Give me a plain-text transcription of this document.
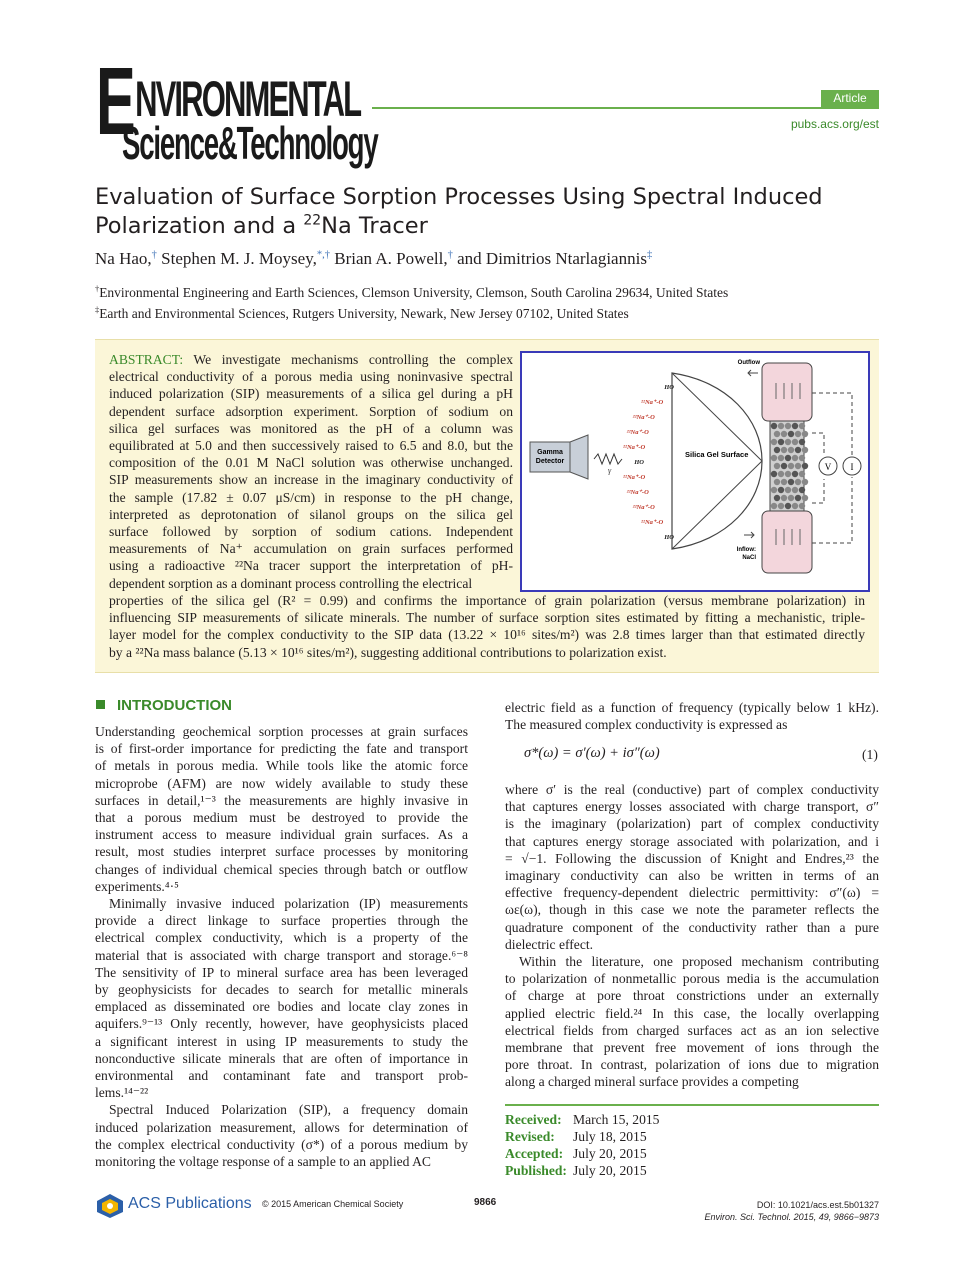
ENVIRONMENTAL
Science&Technology
Article
pubs.acs.org/est
Evaluation of Surface Sorption Processes Using Spectral Induced
Polarization and a $^{22}$Na Tracer
Na Hao,† Stephen M. J. Moysey,*,† Brian A. Powell,† and Dimitrios Ntarlagiannis‡
†Environmental Engineering and Earth Sciences, Clemson University, Clemson, South Carolina 29634, United States
‡Earth and Environmental Sciences, Rutgers University, Newark, New Jersey 07102, United States
ABSTRACT: We investigate mechanisms controlling the complex
electrical conductivity of a porous media using noninvasive spectral
induced polarization (SIP) measurements of a silica gel during a pH
dependent surface adsorption experiment. Sorption of sodium on
silica gel surfaces was monitored as the pH of a column was
equilibrated at 5.0 and then successively raised to 6.5 and 8.0, but the
composition of the 0.01 M NaCl solution was otherwise unchanged.
SIP measurements show an increase in the imaginary conductivity of
the sample (17.82 ± 0.07 μS/cm) in response to the pH change,
interpreted as deprotonation of silanol groups on the silica gel
surface followed by sorption of sodium cations. Independent
measurements of Na⁺ accumulation on grain surfaces performed
using a radioactive ²²Na tracer support the interpretation of pH-
dependent sorption as a dominant process controlling the electrical
properties of the silica gel (R² = 0.99) and confirms the importance of grain polarization (versus membrane polarization) in
influencing SIP measurements of silicate minerals. The number of surface sorption sites estimated by fitting a mechanistic, triple-
layer model for the complex conductivity to the SIP data (13.22 × 10¹⁶ sites/m²) was 2.8 times larger than that estimated directly
by a ²²Na mass balance (5.13 × 10¹⁶ sites/m²), suggesting additional contributions to polarization exist.
Gamma
Detector
γ
Silica Gel Surface
HO
²²Na⁺-O
²²Na⁺-O
²²Na⁺-O
²²Na⁺-O
HO
²²Na⁺-O
²²Na⁺-O
²²Na⁺-O
²²Na⁺-O
HO
Outflow
Inflow:
NaCl
V I
INTRODUCTION
Understanding geochemical sorption processes at grain surfaces
is of first-order importance for predicting the fate and transport
of metals in porous media. While tools like the atomic force
microprobe (AFM) are now widely available to study these
surfaces in detail,¹⁻³ the measurements are highly invasive in
that a porous medium must be destroyed to provide the
instrument access to measure individual grain surfaces. As a
result, most studies interpret surface processes by monitoring
changes of individual chemical species through batch or outflow
experiments.⁴·⁵
Minimally invasive induced polarization (IP) measurements
provide a direct linkage to surface properties through the
electrical complex conductivity, which is a property of the
material that is associated with charge transport and storage.⁶⁻⁸
The sensitivity of IP to mineral surface area has been leveraged
by geophysicists for decades to search for metallic minerals
emplaced as disseminated ore bodies and locate clay zones in
aquifers.⁹⁻¹³ Only recently, however, have geophysicists placed
a significant interest in using IP measurements to study the
nonconductive silicate minerals that are often of importance in
environmental and contaminant fate and transport prob-
lems.¹⁴⁻²²
Spectral Induced Polarization (SIP), a frequency domain
induced polarization measurement, allows for determination of
the complex electrical conductivity (σ*) of a porous medium by
monitoring the voltage response of a sample to an applied AC
electric field as a function of frequency (typically below 1 kHz).
The measured complex conductivity is expressed as
σ*(ω) = σ′(ω) + iσ″(ω)	(1)
where σ′ is the real (conductive) part of complex conductivity
that captures energy losses associated with charge transport, σ″
is the imaginary (polarization) part of complex conductivity
that captures energy storage associated with polarization, and i
= √−1. Following the discussion of Knight and Endres,²³ the
imaginary conductivity can also be written in terms of an
effective frequency-dependent dielectric permittivity: σ″(ω) =
ωε(ω), though in this case we note the parameter reflects the
quadrature component of the conductivity rather than a pure
dielectric effect.
Within the literature, one proposed mechanism contributing
to polarization of nonmetallic porous media is the accumulation
of charge at pore throat constrictions under an externally
applied electric field.²⁴ In this case, the locally overlapping
electrical fields from charged surfaces act as an ion selective
membrane that prevent free movement of ions through the
pore throat. In contrast, polarization of ions due to migration
along a charged mineral surface provides a competing
Received: March 15, 2015
Revised: July 18, 2015
Accepted: July 20, 2015
Published: July 20, 2015
ACS Publications © 2015 American Chemical Society	9866	DOI: 10.1021/acs.est.5b01327
Environ. Sci. Technol. 2015, 49, 9866−9873
